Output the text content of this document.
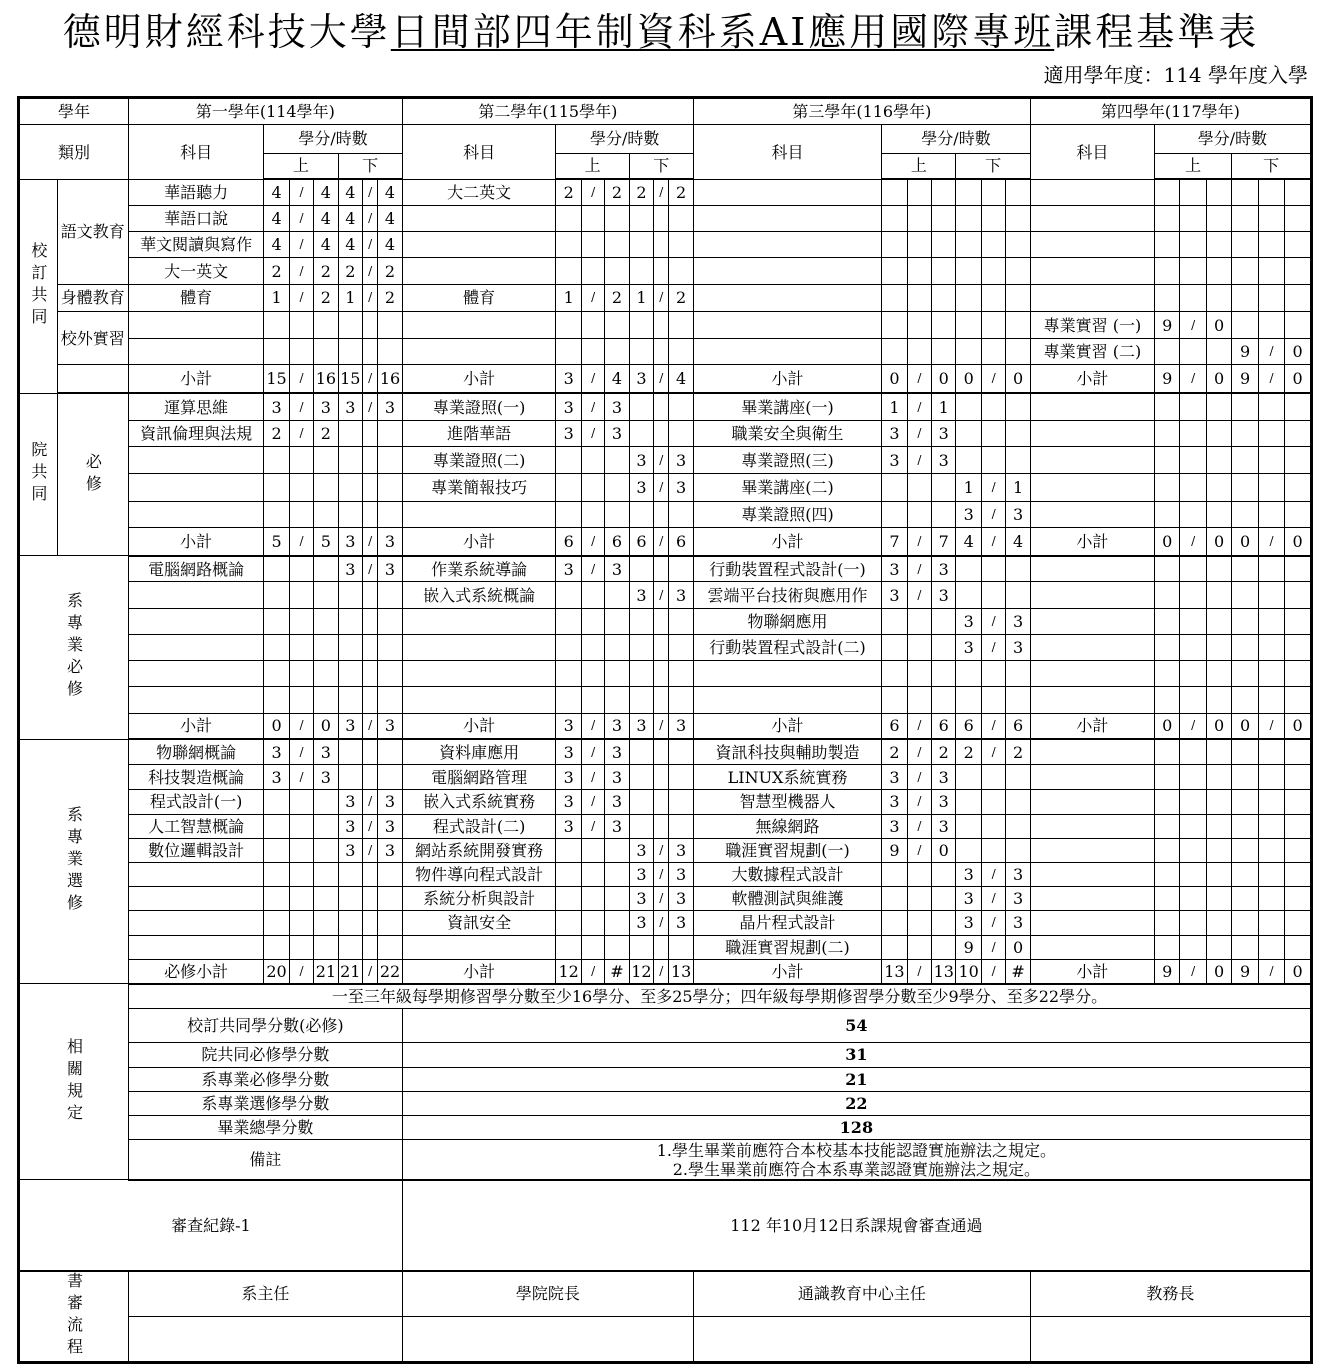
德明財經科技大學日間部四年制資科系AI應用國際專班課程基準表
適用學年度：114 學年度入學
學年		第一學年(114學年)							第二學年(115學年)							第三學年(116學年)							第四學年(117學年)						
類別		科目	學分/時數						科目	學分/時數						科目	學分/時數						科目	學分/時數					
			上			下				上			下				上			下				上			下		
校訂共同	語文教育	華語聽力	4	/	4	4	/	4	大二英文	2	/	2	2	/	2														
		華語口說	4	/	4	4	/	4																					
		華文閱讀與寫作	4	/	4	4	/	4																					
		大一英文	2	/	2	2	/	2																					
	身體教育	體育	1	/	2	1	/	2	體育	1	/	2	1	/	2														
	校外實習																						專業實習 (一)	9	/	0			
																							專業實習 (二)				9	/	0
		小計	15	/	16	15	/	16	小計	3	/	4	3	/	4	小計	0	/	0	0	/	0	小計	9	/	0	9	/	0
院共同	必修	運算思維	3	/	3	3	/	3	專業證照(一)	3	/	3				畢業講座(一)	1	/	1										
		資訊倫理與法規	2	/	2				進階華語	3	/	3				職業安全與衛生	3	/	3										
									專業證照(二)				3	/	3	專業證照(三)	3	/	3										
									專業簡報技巧				3	/	3	畢業講座(二)				1	/	1							
																專業證照(四)				3	/	3							
		小計	5	/	5	3	/	3	小計	6	/	6	6	/	6	小計	7	/	7	4	/	4	小計	0	/	0	0	/	0
系專業必修		電腦網路概論				3	/	3	作業系統導論	3	/	3				行動裝置程式設計(一)	3	/	3										
									嵌入式系統概論				3	/	3	雲端平台技術與應用作	3	/	3										
																物聯網應用				3	/	3							
																行動裝置程式設計(二)				3	/	3							

		小計	0	/	0	3	/	3	小計	3	/	3	3	/	3	小計	6	/	6	6	/	6	小計	0	/	0	0	/	0
系專業選修		物聯網概論	3	/	3				資料庫應用	3	/	3				資訊科技與輔助製造	2	/	2	2	/	2							
		科技製造概論	3	/	3				電腦網路管理	3	/	3				LINUX系統實務	3	/	3										
		程式設計(一)				3	/	3	嵌入式系統實務	3	/	3				智慧型機器人	3	/	3										
		人工智慧概論				3	/	3	程式設計(二)	3	/	3				無線網路	3	/	3										
		數位邏輯設計				3	/	3	網站系統開發實務				3	/	3	職涯實習規劃(一)	9	/	0										
									物件導向程式設計				3	/	3	大數據程式設計				3	/	3							
									系統分析與設計				3	/	3	軟體測試與維護				3	/	3							
									資訊安全				3	/	3	晶片程式設計				3	/	3							
																職涯實習規劃(二)				9	/	0							
		必修小計	20	/	21	21	/	22	小計	12	/	#	12	/	13	小計	13	/	13	10	/	#	小計	9	/	0	9	/	0
相關規定		一至三年級每學期修習學分數至少16學分、至多25學分；四年級每學期修習學分數至少9學分、至多22學分。																											
		校訂共同學分數(必修)							54																				
		院共同必修學分數							31																				
		系專業必修學分數							21																				
		系專業選修學分數							22																				
		畢業總學分數							128																				
		備註							1.學生畢業前應符合本校基本技能認證實施辦法之規定。
2.學生畢業前應符合本系專業認證實施辦法之規定。																				

審查紀錄-1									112 年10月12日系課規會審查通過																				
書審流程		系主任							學院院長							通識教育中心主任							教務長						
